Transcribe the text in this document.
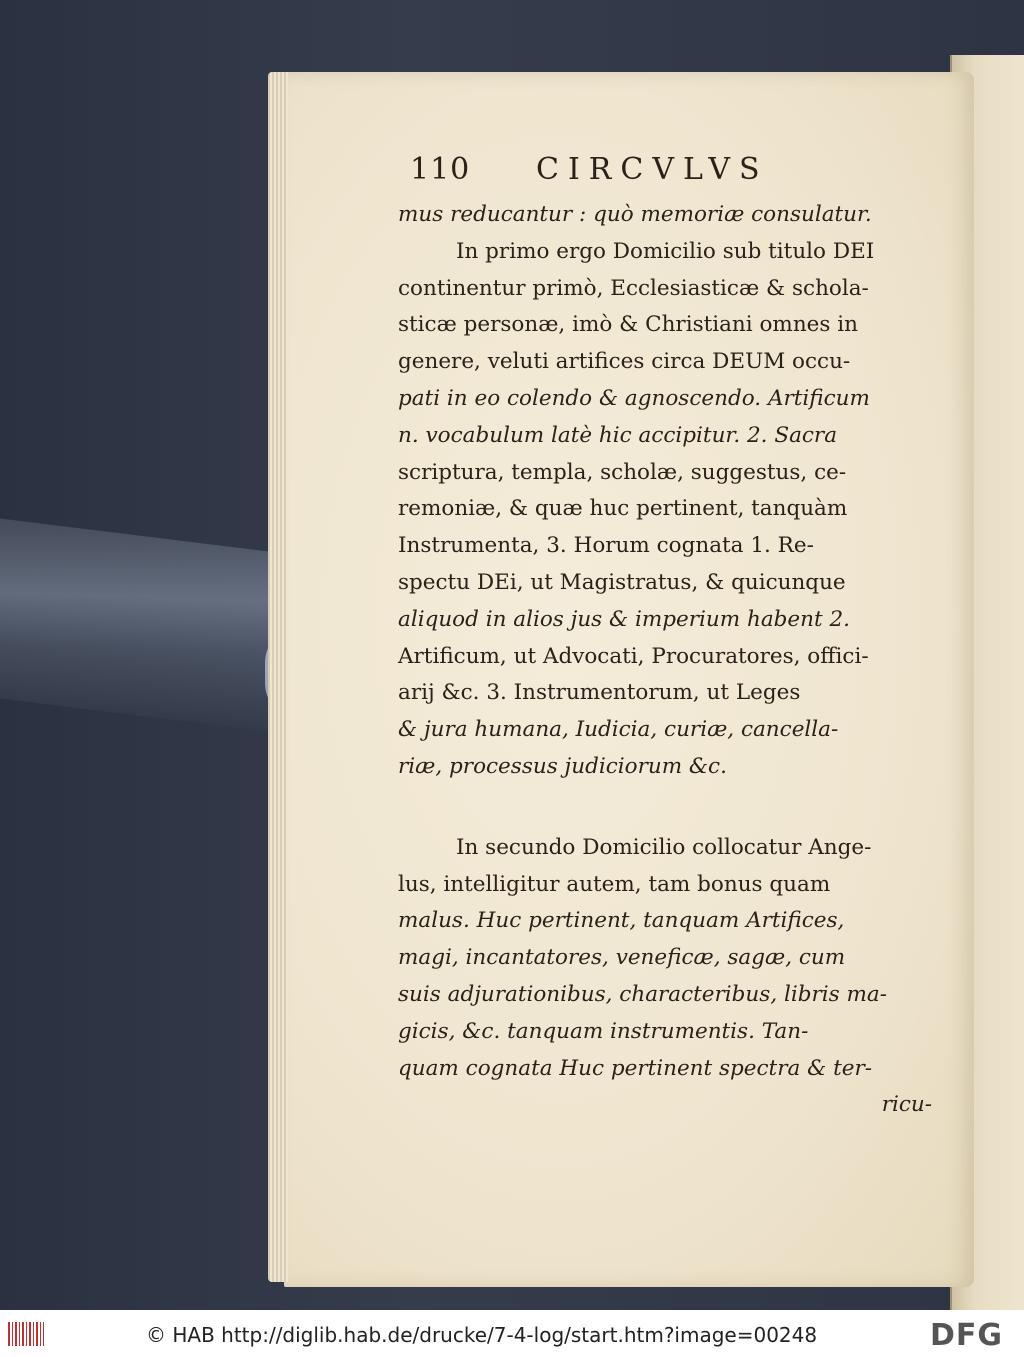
110 CIRCVLVS
mus reducantur : quò memoriæ consulatur.
In primo ergo Domicilio sub titulo DEI
continentur primò, Ecclesiasticæ & schola-
sticæ personæ, imò & Christiani omnes in
genere, veluti artifices circa DEUM occu-
pati in eo colendo & agnoscendo. Artificum
n. vocabulum latè hic accipitur. 2. Sacra
scriptura, templa, scholæ, suggestus, ce-
remoniæ, & quæ huc pertinent, tanquàm
Instrumenta, 3. Horum cognata 1. Re-
spectu DEi, ut Magistratus, & quicunque
aliquod in alios jus & imperium habent 2.
Artificum, ut Advocati, Procuratores, offici-
arij &c. 3. Instrumentorum, ut Leges
& jura humana, Iudicia, curiæ, cancella-
riæ, processus judiciorum &c.
In secundo Domicilio collocatur Ange-
lus, intelligitur autem, tam bonus quam
malus. Huc pertinent, tanquam Artifices,
magi, incantatores, veneficæ, sagæ, cum
suis adjurationibus, characteribus, libris ma-
gicis, &c. tanquam instrumentis. Tan-
quam cognata Huc pertinent spectra & ter-
ricu-
© HAB http://diglib.hab.de/drucke/7-4-log/start.htm?image=00248	DFG
